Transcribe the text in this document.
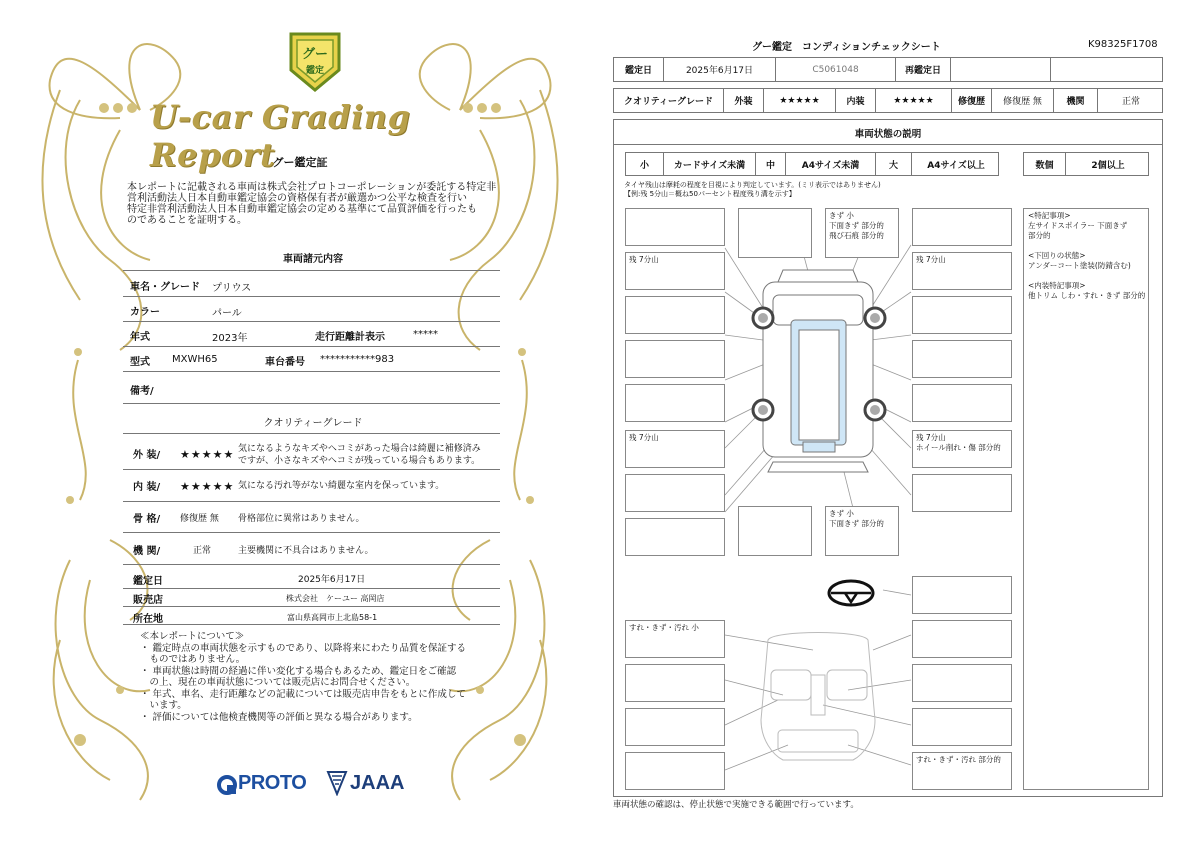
グー
鑑定
U-car Grading Report
グー鑑定証
本レポートに記載される車両は株式会社プロトコーポレーションが委託する特定非
営利活動法人日本自動車鑑定協会の資格保有者が厳選かつ公平な検査を行い
特定非営利活動法人日本自動車鑑定協会の定める基準にて品質評価を行ったも
のであることを証明する。
車両諸元内容
車名・グレード プリウス
カラー	パール
年式	2023年	走行距離計表示	*****
型式 MXWH65	車台番号 ***********983
備考/
クオリティーグレード
外 装/ ★★★★★ 気になるようなキズやヘコミがあった場合は綺麗に補修済み
ですが、小さなキズやヘコミが残っている場合もあります。
内 装/ ★★★★★ 気になる汚れ等がない綺麗な室内を保っています。
骨 格/ 修復歴 無 骨格部位に異常はありません。
機 関/	正常	主要機関に不具合はありません。
鑑定日	2025年6月17日
販売店	株式会社　ケーユー 高岡店
所在地	富山県高岡市上北島58-1
≪本レポートについて≫
・ 鑑定時点の車両状態を示すものであり、以降将来にわたり品質を保証する
　ものではありません。
・ 車両状態は時間の経過に伴い変化する場合もあるため、鑑定日をご確認
　の上、現在の車両状態については販売店にお問合せください。
・ 年式、車名、走行距離などの記載については販売店申告をもとに作成して
　います。
・ 評価については他検査機関等の評価と異なる場合があります。
PROTO JAAA
グー鑑定　コンディションチェックシート	K98325F1708
鑑定日	2025年6月17日	C5061048	再鑑定日
クオリティーグレード	外装	★★★★★	内装	★★★★★	修復歴	修復歴 無	機関	正常
車両状態の説明
小	カードサイズ未満	中	A4サイズ未満	大	A4サイズ以上	数個	2個以上
タイヤ残山は摩耗の程度を目視により判定しています。(ミリ表示ではありません)
【例:残 5分山＝概ね50パーセント程度残り溝を示す】
残 7分山
残 7分山
すれ・きず・汚れ 小
きず 小
下面きず 部分的
飛び石痕 部分的
きず 小
下面きず 部分的
残 7分山
残 7分山
ホイール削れ・傷 部分的
すれ・きず・汚れ 部分的
<特記事項>
左サイドスポイラー 下面きず
部分的
<下回りの状態>
アンダーコート塗装(防錆含む)
<内装特記事項>
他トリム しわ・すれ・きず 部分的
車両状態の確認は、停止状態で実施できる範囲で行っています。
